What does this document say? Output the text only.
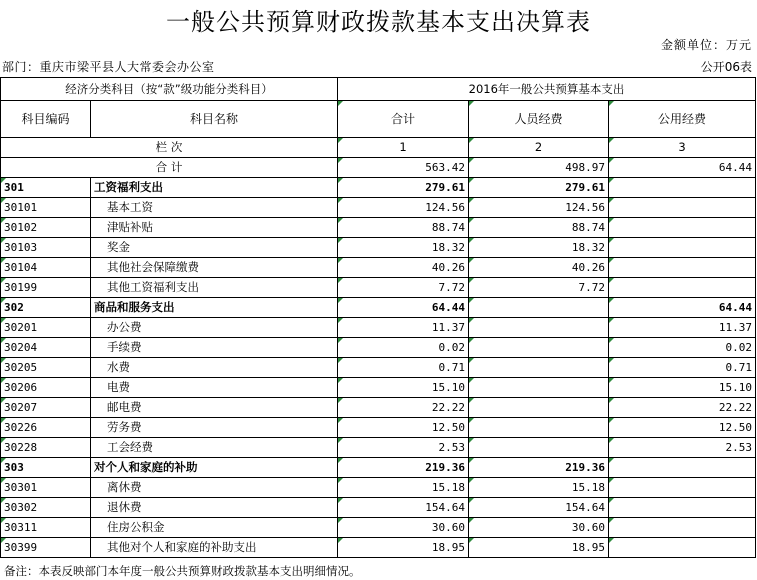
一般公共预算财政拨款基本支出决算表
金额单位：万元
部门：重庆市梁平县人大常委会办公室	公开06表
经济分类科目（按“款”级功能分类科目）		2016年一般公共预算基本支出		
科目编码	科目名称	合计	人员经费	公用经费
栏 次		1	2	3
合 计		563.42	498.97	64.44
301	工资福利支出	279.61	279.61	
30101	基本工资	124.56	124.56	
30102	津贴补贴	88.74	88.74	
30103	奖金	18.32	18.32	
30104	其他社会保障缴费	40.26	40.26	
30199	其他工资福利支出	7.72	7.72	
302	商品和服务支出	64.44		64.44
30201	办公费	11.37		11.37
30204	手续费	0.02		0.02
30205	水费	0.71		0.71
30206	电费	15.10		15.10
30207	邮电费	22.22		22.22
30226	劳务费	12.50		12.50
30228	工会经费	2.53		2.53
303	对个人和家庭的补助	219.36	219.36	
30301	离休费	15.18	15.18	
30302	退休费	154.64	154.64	
30311	住房公积金	30.60	30.60	
30399	其他对个人和家庭的补助支出	18.95	18.95	
备注：本表反映部门本年度一般公共预算财政拨款基本支出明细情况。
